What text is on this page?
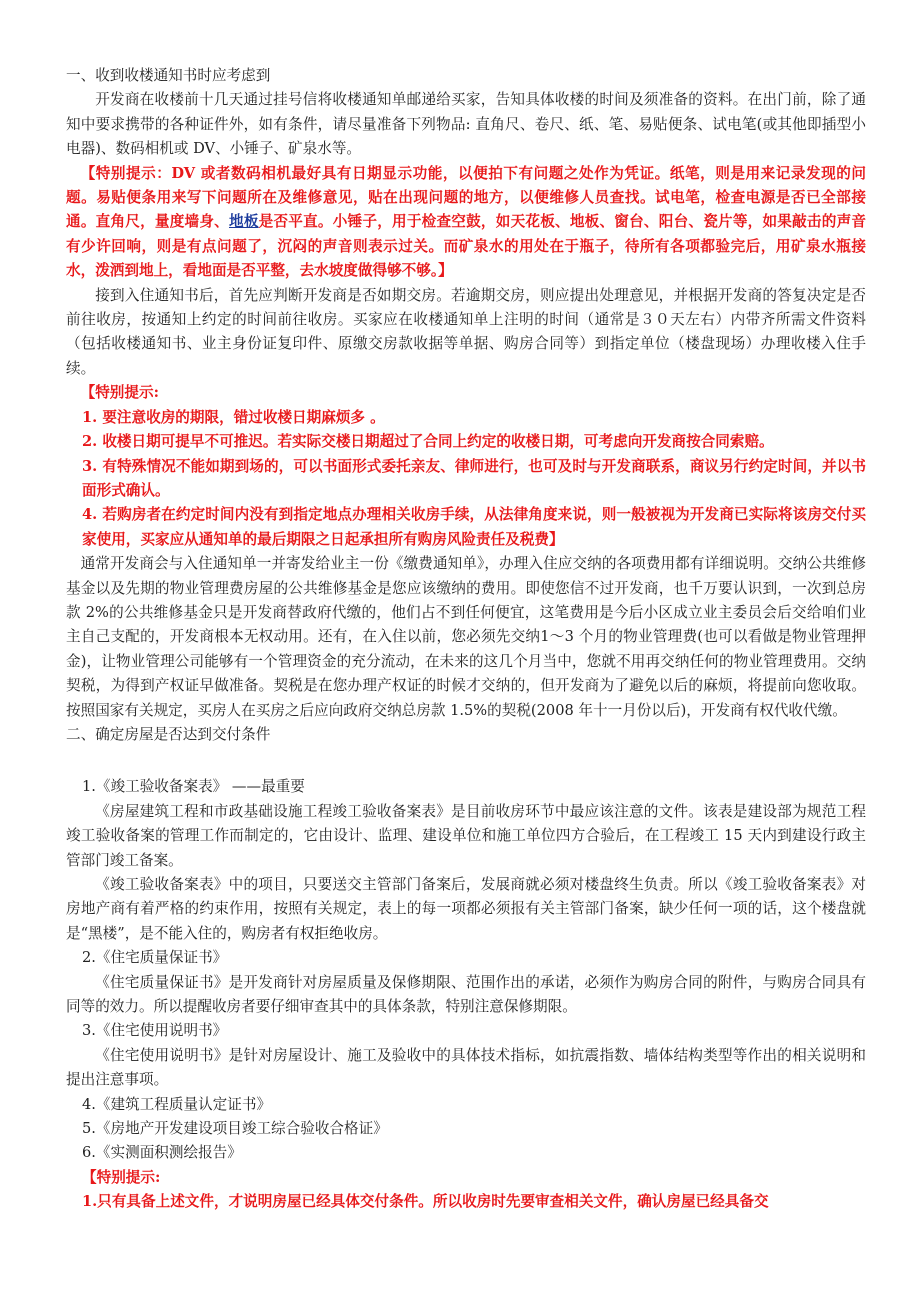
一、收到收楼通知书时应考虑到

开发商在收楼前十几天通过挂号信将收楼通知单邮递给买家，告知具体收楼的时间及须准备的资料。在出门前，除了通知中要求携带的各种证件外，如有条件，请尽量准备下列物品: 直角尺、卷尺、纸、笔、易贴便条、试电笔(或其他即插型小电器)、数码相机或 DV、小锤子、矿泉水等。

【特别提示：DV 或者数码相机最好具有日期显示功能，以便拍下有问题之处作为凭证。纸笔，则是用来记录发现的问题。易贴便条用来写下问题所在及维修意见，贴在出现问题的地方，以便维修人员查找。试电笔，检查电源是否已全部接通。直角尺，量度墙身、地板是否平直。小锤子，用于检查空鼓，如天花板、地板、窗台、阳台、瓷片等，如果敲击的声音有少许回响，则是有点问题了，沉闷的声音则表示过关。而矿泉水的用处在于瓶子，待所有各项都验完后，用矿泉水瓶接水，泼洒到地上，看地面是否平整，去水坡度做得够不够。】

接到入住通知书后，首先应判断开发商是否如期交房。若逾期交房，则应提出处理意见，并根据开发商的答复决定是否前往收房，按通知上约定的时间前往收房。买家应在收楼通知单上注明的时间（通常是３０天左右）内带齐所需文件资料（包括收楼通知书、业主身份证复印件、原缴交房款收据等单据、购房合同等）到指定单位（楼盘现场）办理收楼入住手续。

【特别提示:

1. 要注意收房的期限，错过收楼日期麻烦多 。

2. 收楼日期可提早不可推迟。若实际交楼日期超过了合同上约定的收楼日期，可考虑向开发商按合同索赔。

3. 有特殊情况不能如期到场的，可以书面形式委托亲友、律师进行，也可及时与开发商联系，商议另行约定时间，并以书面形式确认。

4. 若购房者在约定时间内没有到指定地点办理相关收房手续，从法律角度来说，则一般被视为开发商已实际将该房交付买家使用，买家应从通知单的最后期限之日起承担所有购房风险责任及税费】

通常开发商会与入住通知单一并寄发给业主一份《缴费通知单》，办理入住应交纳的各项费用都有详细说明。交纳公共维修基金以及先期的物业管理费房屋的公共维修基金是您应该缴纳的费用。即使您信不过开发商，也千万要认识到，一次到总房款 2%的公共维修基金只是开发商替政府代缴的，他们占不到任何便宜，这笔费用是今后小区成立业主委员会后交给咱们业主自己支配的，开发商根本无权动用。还有，在入住以前，您必须先交纳1～3 个月的物业管理费(也可以看做是物业管理押金)，让物业管理公司能够有一个管理资金的充分流动，在未来的这几个月当中，您就不用再交纳任何的物业管理费用。交纳契税，为得到产权证早做准备。契税是在您办理产权证的时候才交纳的，但开发商为了避免以后的麻烦，将提前向您收取。按照国家有关规定，买房人在买房之后应向政府交纳总房款 1.5%的契税(2008 年十一月份以后)，开发商有权代收代缴。

二、确定房屋是否达到交付条件

1.《竣工验收备案表》 ——最重要

《房屋建筑工程和市政基础设施工程竣工验收备案表》是目前收房环节中最应该注意的文件。该表是建设部为规范工程竣工验收备案的管理工作而制定的，它由设计、监理、建设单位和施工单位四方合验后，在工程竣工 15 天内到建设行政主管部门竣工备案。

《竣工验收备案表》中的项目，只要送交主管部门备案后，发展商就必须对楼盘终生负责。所以《竣工验收备案表》对房地产商有着严格的约束作用，按照有关规定，表上的每一项都必须报有关主管部门备案，缺少任何一项的话，这个楼盘就是“黑楼”，是不能入住的，购房者有权拒绝收房。

2.《住宅质量保证书》

《住宅质量保证书》是开发商针对房屋质量及保修期限、范围作出的承诺，必须作为购房合同的附件，与购房合同具有同等的效力。所以提醒收房者要仔细审查其中的具体条款，特别注意保修期限。

3.《住宅使用说明书》

《住宅使用说明书》是针对房屋设计、施工及验收中的具体技术指标，如抗震指数、墙体结构类型等作出的相关说明和提出注意事项。

4.《建筑工程质量认定证书》

5.《房地产开发建设项目竣工综合验收合格证》

6.《实测面积测绘报告》

【特别提示:

1.只有具备上述文件，才说明房屋已经具体交付条件。所以收房时先要审查相关文件，确认房屋已经具备交
